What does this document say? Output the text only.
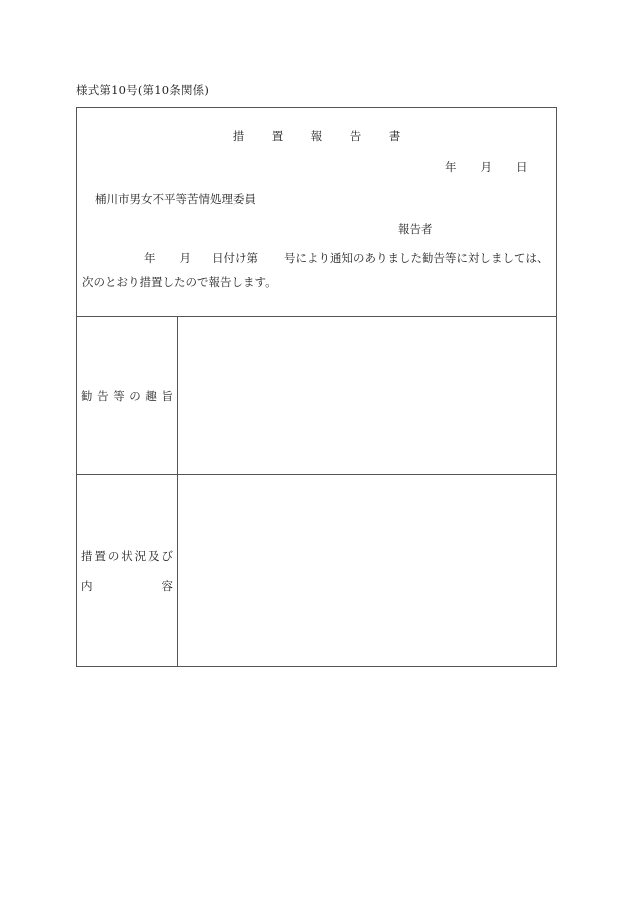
様式第10号(第10条関係)
措 置 報 告 書
年 月 日
桶川市男女不平等苦情処理委員
報告者
年 月 日付け第 号により通知のありました勧告等に対しましては、
次のとおり措置したので報告します。
勧 告 等 の 趣 旨
措 置 の 状 況 及 び
内	容
